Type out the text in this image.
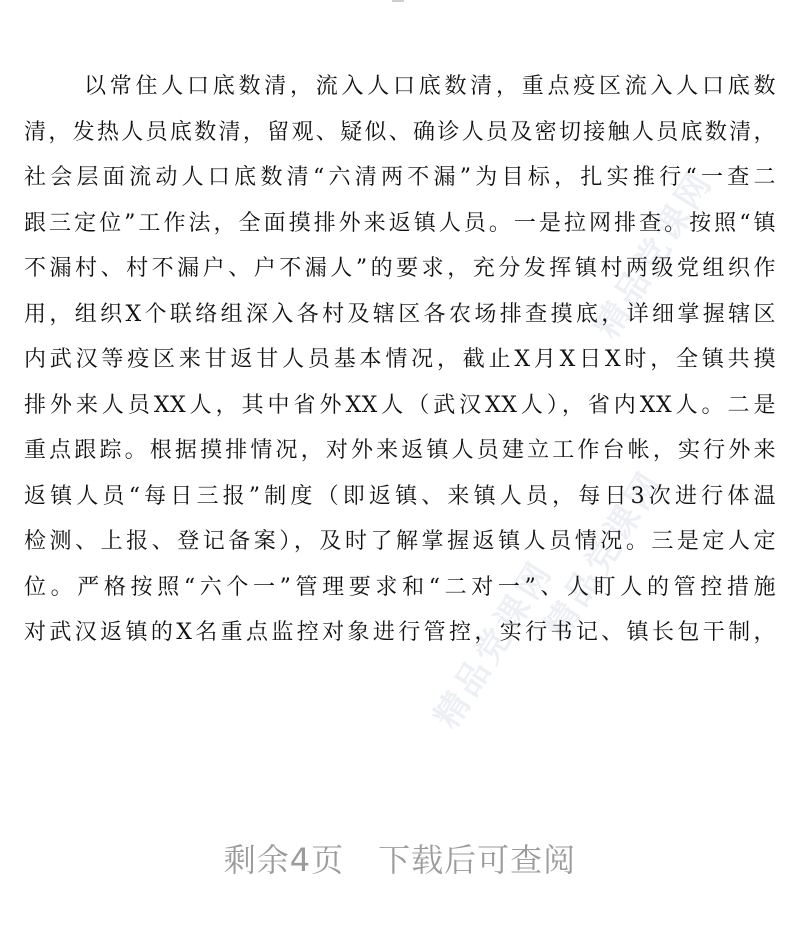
精品党课网
精品党课网
精品党课网
以常住人口底数清，流入人口底数清，重点疫区流入人口底数
清，发热人员底数清，留观、疑似、确诊人员及密切接触人员底数清，
社会层面流动人口底数清“六清两不漏”为目标，扎实推行“一查二
跟三定位”工作法，全面摸排外来返镇人员。一是拉网排查。按照“镇
不漏村、村不漏户、户不漏人”的要求，充分发挥镇村两级党组织作
用，组织X个联络组深入各村及辖区各农场排查摸底，详细掌握辖区
内武汉等疫区来甘返甘人员基本情况，截止X月X日X时，全镇共摸
排外来人员XX人，其中省外XX人（武汉XX人），省内XX人。二是
重点跟踪。根据摸排情况，对外来返镇人员建立工作台帐，实行外来
返镇人员“每日三报”制度（即返镇、来镇人员，每日3次进行体温
检测、上报、登记备案），及时了解掌握返镇人员情况。三是定人定
位。严格按照“六个一”管理要求和“二对一”、人盯人的管控措施
对武汉返镇的X名重点监控对象进行管控，实行书记、镇长包干制，
剩余4页 下载后可查阅
